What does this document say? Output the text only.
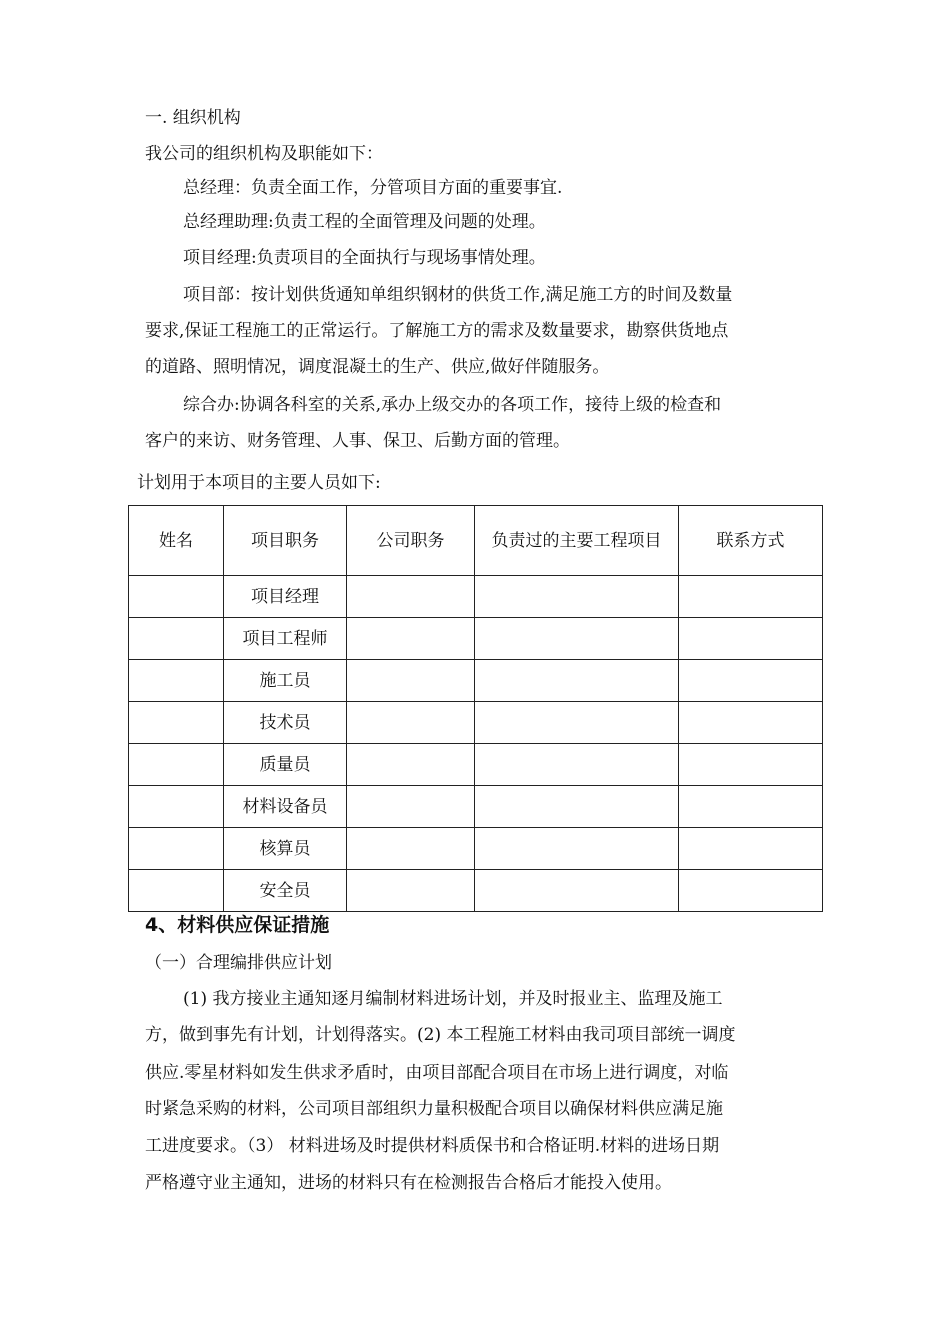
一. 组织机构
我公司的组织机构及职能如下：
总经理：负责全面工作，分管项目方面的重要事宜.
总经理助理:负责工程的全面管理及问题的处理。
项目经理:负责项目的全面执行与现场事情处理。
项目部：按计划供货通知单组织钢材的供货工作,满足施工方的时间及数量
要求,保证工程施工的正常运行。了解施工方的需求及数量要求，勘察供货地点
的道路、照明情况，调度混凝土的生产、供应,做好伴随服务。
综合办:协调各科室的关系,承办上级交办的各项工作，接待上级的检查和
客户的来访、财务管理、人事、保卫、后勤方面的管理。
计划用于本项目的主要人员如下:
姓名	项目职务	公司职务	负责过的主要工程项目	联系方式
	项目经理			
	项目工程师			
	施工员			
	技术员			
	质量员			
	材料设备员			
	核算员			
	安全员			
4、材料供应保证措施
（一）合理编排供应计划
(1) 我方接业主通知逐月编制材料进场计划，并及时报业主、监理及施工
方，做到事先有计划，计划得落实。(2) 本工程施工材料由我司项目部统一调度
供应.零星材料如发生供求矛盾时，由项目部配合项目在市场上进行调度，对临
时紧急采购的材料，公司项目部组织力量积极配合项目以确保材料供应满足施
工进度要求。（3） 材料进场及时提供材料质保书和合格证明.材料的进场日期
严格遵守业主通知，进场的材料只有在检测报告合格后才能投入使用。
